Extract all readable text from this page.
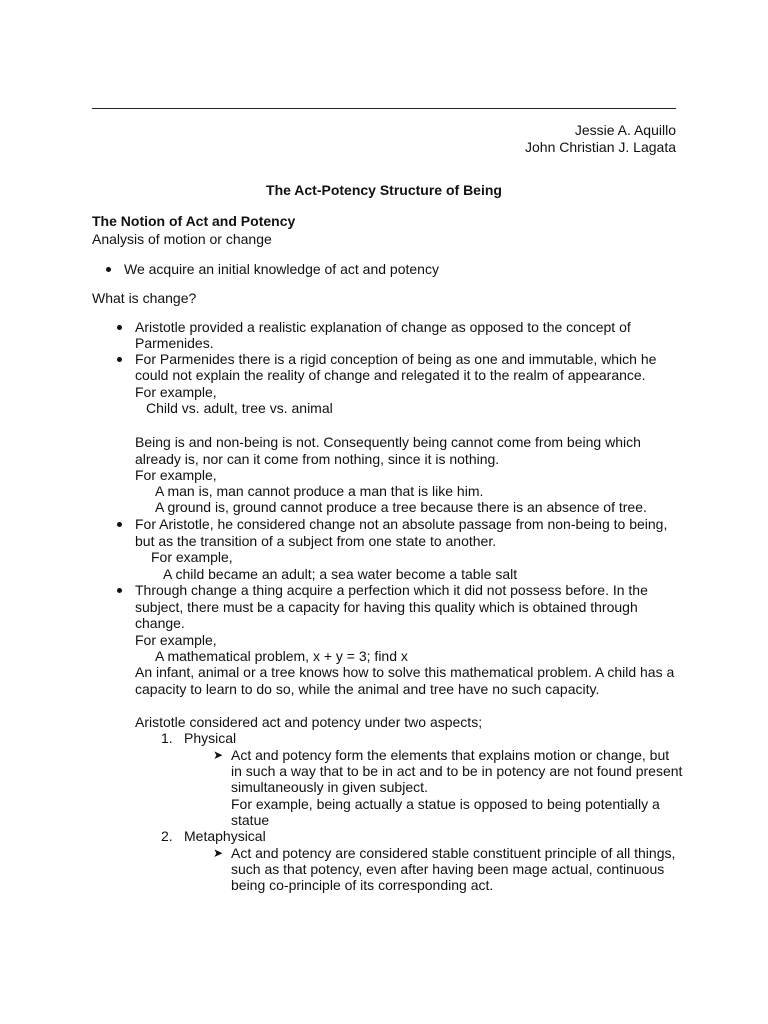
Jessie A. Aquillo
John Christian J. Lagata
The Act-Potency Structure of Being
The Notion of Act and Potency
Analysis of motion or change
We acquire an initial knowledge of act and potency
What is change?
Aristotle provided a realistic explanation of change as opposed to the concept of
Parmenides.
For Parmenides there is a rigid conception of being as one and immutable, which he
could not explain the reality of change and relegated it to the realm of appearance.
For example,
Child vs. adult, tree vs. animal
Being is and non-being is not. Consequently being cannot come from being which
already is, nor can it come from nothing, since it is nothing.
For example,
A man is, man cannot produce a man that is like him.
A ground is, ground cannot produce a tree because there is an absence of tree.
For Aristotle, he considered change not an absolute passage from non-being to being,
but as the transition of a subject from one state to another.
For example,
A child became an adult; a sea water become a table salt
Through change a thing acquire a perfection which it did not possess before. In the
subject, there must be a capacity for having this quality which is obtained through
change.
For example,
A mathematical problem, x + y = 3; find x
An infant, animal or a tree knows how to solve this mathematical problem. A child has a
capacity to learn to do so, while the animal and tree have no such capacity.
Aristotle considered act and potency under two aspects;
1. Physical
➤ Act and potency form the elements that explains motion or change, but
in such a way that to be in act and to be in potency are not found present
simultaneously in given subject.
For example, being actually a statue is opposed to being potentially a
statue
2. Metaphysical
➤ Act and potency are considered stable constituent principle of all things,
such as that potency, even after having been mage actual, continuous
being co-principle of its corresponding act.
